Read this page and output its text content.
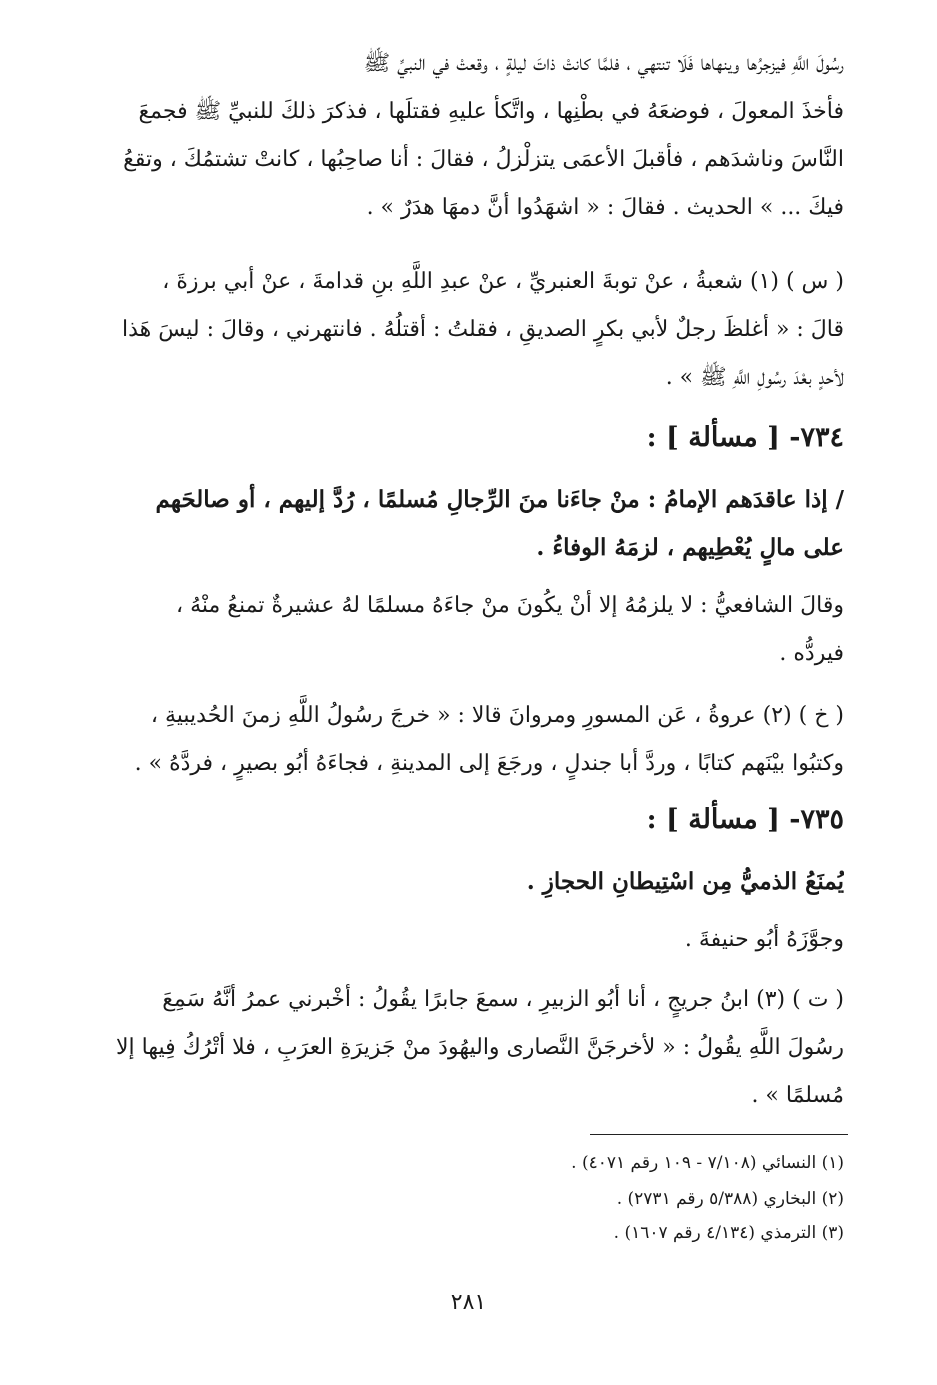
رسُولَ اللَّهِ فيزجرُها وينهاها فَلَا تنتهي ، فلمَّا كانتْ ذاتَ ليلةٍ ، وقعتْ في النبيِّ ﷺ
فأخذَ المعولَ ، فوضعَهُ في بطْنِها ، واتَّكأ عليهِ فقتلَها ، فذكرَ ذلكَ للنبيِّ ﷺ فجمعَ
النَّاسَ وناشدَهم ، فأقبلَ الأعمَى يتزلْزلُ ، فقالَ : أنا صاحِبُها ، كانتْ تشتمُكَ ، وتقعُ
فيكَ ... » الحديث . فقالَ : « اشهَدُوا أنَّ دمهَا هدَرٌ » .
( س ) (١) شعبةُ ، عنْ توبةَ العنبريِّ ، عنْ عبدِ اللَّهِ بنِ قدامةَ ، عنْ أبي برزةَ ،
قالَ : « أغلظَ رجلٌ لأبي بكرٍ الصديقِ ، فقلتُ : أقتلُهُ . فانتهرني ، وقالَ : ليسَ هَذا
لأحدٍ بعْدَ رسُولِ اللَّهِ ﷺ » .
٧٣٤- [ مسألة ] :
/ إذا عاقدَهم الإمامُ : منْ جاءَنا منَ الرِّجالِ مُسلمًا ، رُدَّ إليهم ، أو صالحَهم
على مالٍ يُعْطِيهم ، لزمَهُ الوفاءُ .
وقالَ الشافعيُّ : لا يلزمُهُ إلا أنْ يكُونَ منْ جاءَهُ مسلمًا لهُ عشيرةٌ تمنعُ منْهُ ،
فيردُّه .
( خ ) (٢) عروةُ ، عَن المسورِ ومروانَ قالا : « خرجَ رسُولُ اللَّهِ زمنَ الحُديبيةِ ،
وكتبُوا بيْنَهم كتابًا ، وردَّ أبا جندلٍ ، ورجَعَ إلى المدينةِ ، فجاءَهُ أبُو بصيرٍ ، فردَّهُ » .
٧٣٥- [ مسألة ] :
يُمنَعُ الذميُّ مِن اسْتِيطانِ الحجازِ .
وجوَّزَهُ أبُو حنيفةَ .
( ت ) (٣) ابنُ جريجٍ ، أنا أبُو الزبيرِ ، سمعَ جابرًا يقُولُ : أخْبرني عمرُ أنَّهُ سَمِعَ
رسُولَ اللَّهِ يقُولُ : « لأخرجَنَّ النَّصارى واليهُودَ منْ جَزيرَةِ العرَبِ ، فلا أتْرُكُ فِيها إلا
مُسلمًا » .
(١) النسائي (٧/١٠٨ - ١٠٩ رقم ٤٠٧١) .
(٢) البخاري (٥/٣٨٨ رقم ٢٧٣١) .
(٣) الترمذي (٤/١٣٤ رقم ١٦٠٧) .
٢٨١
